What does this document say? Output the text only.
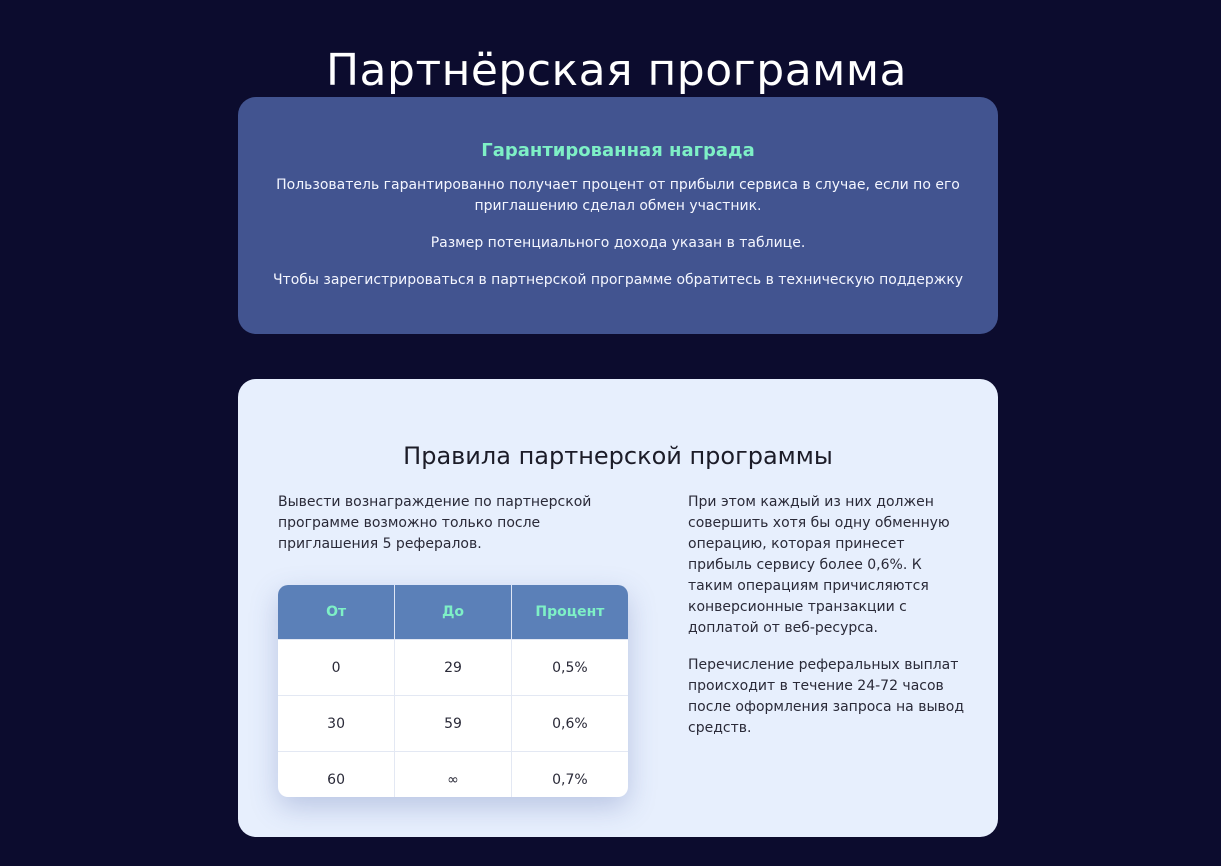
Партнёрская программа
Гарантированная награда

Пользователь гарантированно получает процент от прибыли сервиса в случае, если по его приглашению сделал обмен участник.

Размер потенциального дохода указан в таблице.

Чтобы зарегистрироваться в партнерской программе обратитесь в техническую поддержку

Правила партнерской программы

Вывести вознаграждение по партнерской программе возможно только после приглашения 5 рефералов.

От	До	Процент
0	29	0,5%
30	59	0,6%
60	∞	0,7%

При этом каждый из них должен совершить хотя бы одну обменную операцию, которая принесет прибыль сервису более 0,6%. К таким операциям причисляются конверсионные транзакции с доплатой от веб-ресурса.

Перечисление реферальных выплат происходит в течение 24-72 часов после оформления запроса на вывод средств.
